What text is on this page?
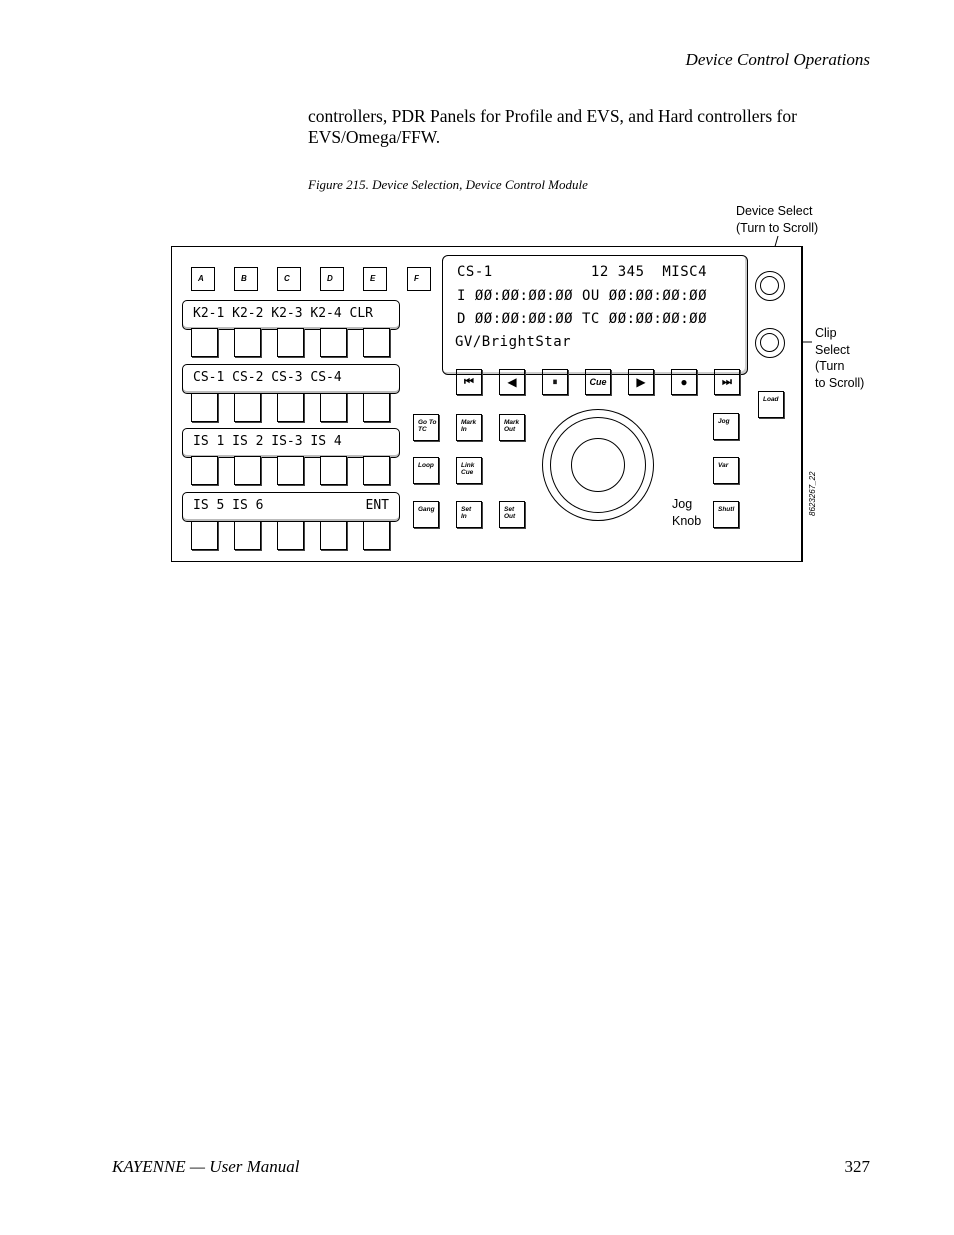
Device Control Operations
controllers, PDR Panels for Profile and EVS, and Hard controllers for EVS/Omega/FFW.
Figure 215. Device Selection, Device Control Module
Device Select
(Turn to Scroll)
Clip
Select
(Turn
to Scroll)
A	B	C	D	E	F
K2-1 K2-2 K2-3 K2-4 CLR
CS-1 CS-2 CS-3 CS-4
IS 1 IS 2 IS-3 IS 4
IS 5 IS 6	ENT
CS-1           12 345  MISC4
I ØØ:ØØ:ØØ:ØØ OU ØØ:ØØ:ØØ:ØØ
D ØØ:ØØ:ØØ:ØØ TC ØØ:ØØ:ØØ:ØØ
GV/BrightStar
⏮	◀	⏸	Cue	▶	●	⏭
Load
Go To
TC
Loop
Gang
Mark
In
Link
Cue
Set
In
Mark
Out
Set
Out
Jog
Var
Shutl
Jog
Knob
8623267_22
KAYENNE — User Manual	327
